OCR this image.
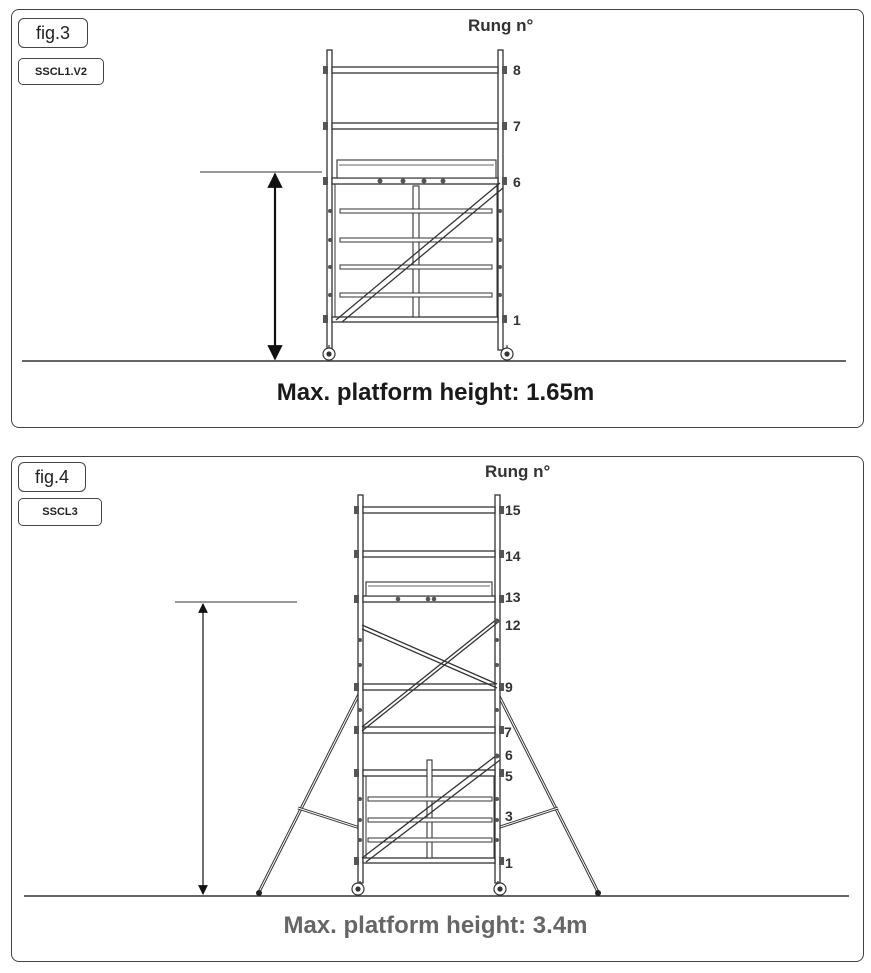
fig.3
SSCL1.V2
fig.4
SSCL3
Rung n°
8
7
6
1
Rung n°
15
14
13
12
9
7
6
5
3
1
Max. platform height: 1.65m
Max. platform height: 3.4m
